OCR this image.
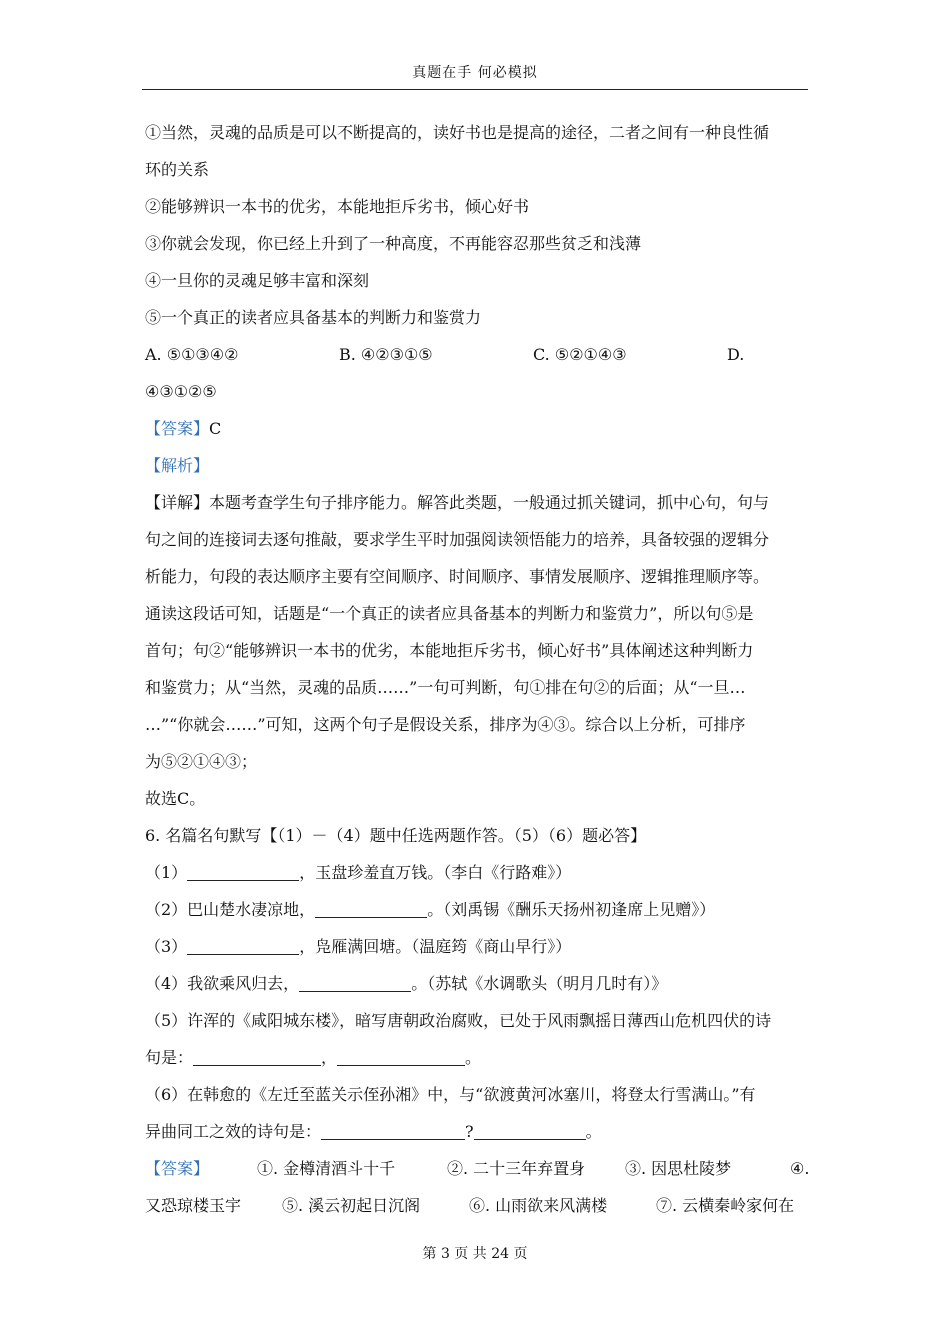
真题在手 何必模拟
①当然，灵魂的品质是可以不断提高的，读好书也是提高的途径，二者之间有一种良性循
环的关系
②能够辨识一本书的优劣，本能地拒斥劣书，倾心好书
③你就会发现，你已经上升到了一种高度，不再能容忍那些贫乏和浅薄
④一旦你的灵魂足够丰富和深刻
⑤一个真正的读者应具备基本的判断力和鉴赏力
A. ⑤①③④②	B. ④②③①⑤	C. ⑤②①④③	D.
④③①②⑤
【答案】C
【解析】
【详解】本题考查学生句子排序能力。解答此类题，一般通过抓关键词，抓中心句，句与
句之间的连接词去逐句推敲，要求学生平时加强阅读领悟能力的培养，具备较强的逻辑分
析能力，句段的表达顺序主要有空间顺序、时间顺序、事情发展顺序、逻辑推理顺序等。
通读这段话可知，话题是“一个真正的读者应具备基本的判断力和鉴赏力”，所以句⑤是
首句；句②“能够辨识一本书的优劣，本能地拒斥劣书，倾心好书”具体阐述这种判断力
和鉴赏力；从“当然，灵魂的品质……”一句可判断，句①排在句②的后面；从“一旦…
…”“你就会……”可知，这两个句子是假设关系，排序为④③。综合以上分析，可排序
为⑤②①④③；
故选C。
6. 名篇名句默写【（1）－（4）题中任选两题作答。（5）（6）题必答】
（1）	，玉盘珍羞直万钱。（李白《行路难》）
（2）巴山楚水凄凉地，	。（刘禹锡《酬乐天扬州初逢席上见赠》）
（3）	，凫雁满回塘。（温庭筠《商山早行》）
（4）我欲乘风归去，	。（苏轼《水调歌头（明月几时有）》
（5）许浑的《咸阳城东楼》，暗写唐朝政治腐败，已处于风雨飘摇日薄西山危机四伏的诗
句是：	，	。
（6）在韩愈的《左迁至蓝关示侄孙湘》中，与“欲渡黄河冰塞川，将登太行雪满山。”有
异曲同工之效的诗句是：	?	。
【答案】	①. 金樽清酒斗十千	②. 二十三年弃置身 ③. 因思杜陵梦	④.
又恐琼楼玉宇	⑤. 溪云初起日沉阁	⑥. 山雨欲来风满楼	⑦. 云横秦岭家何在
第 3 页 共 24 页
